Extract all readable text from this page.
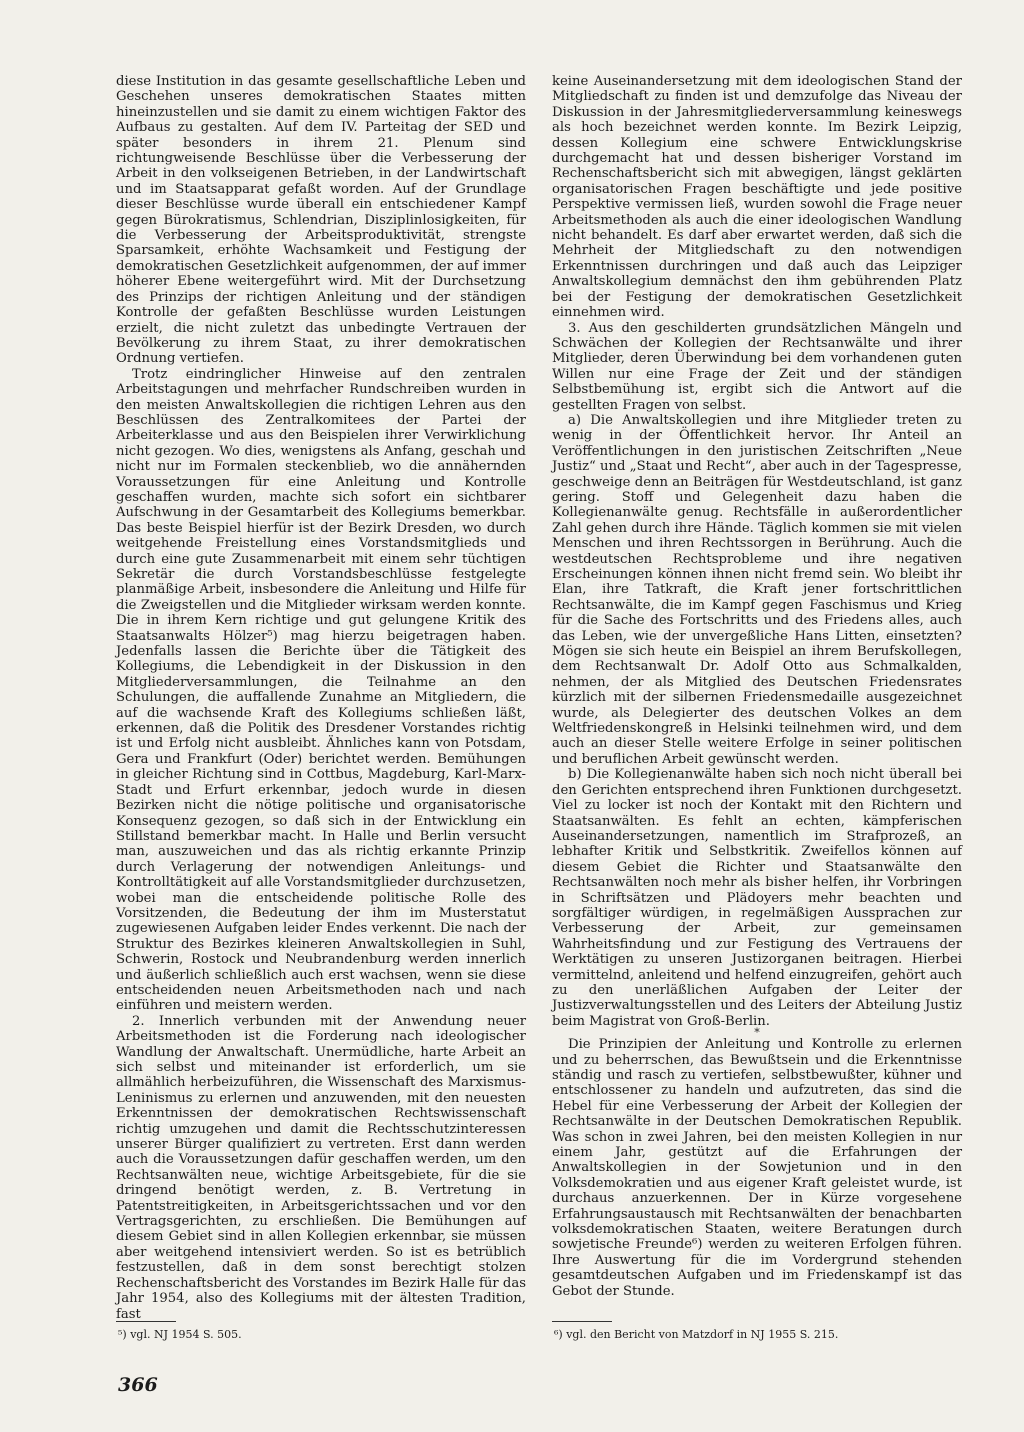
diese Institution in das gesamte gesellschaftliche Leben und Geschehen unseres demokratischen Staates mitten hineinzustellen und sie damit zu einem wichtigen Faktor des Aufbaus zu gestalten. Auf dem IV. Parteitag der SED und später besonders in ihrem 21. Plenum sind richtungweisende Beschlüsse über die Verbesserung der Arbeit in den volkseigenen Betrieben, in der Landwirtschaft und im Staatsapparat gefaßt worden. Auf der Grundlage dieser Beschlüsse wurde überall ein entschiedener Kampf gegen Bürokratismus, Schlendrian, Disziplinlosigkeiten, für die Verbesserung der Arbeitsproduktivität, strengste Sparsamkeit, erhöhte Wachsamkeit und Festigung der demokratischen Gesetzlichkeit aufgenommen, der auf immer höherer Ebene weitergeführt wird. Mit der Durchsetzung des Prinzips der richtigen Anleitung und der ständigen Kontrolle der gefaßten Beschlüsse wurden Leistungen erzielt, die nicht zuletzt das unbedingte Vertrauen der Bevölkerung zu ihrem Staat, zu ihrer demokratischen Ordnung vertiefen.

Trotz eindringlicher Hinweise auf den zentralen Arbeitstagungen und mehrfacher Rundschreiben wurden in den meisten Anwaltskollegien die richtigen Lehren aus den Beschlüssen des Zentralkomitees der Partei der Arbeiterklasse und aus den Beispielen ihrer Verwirklichung nicht gezogen. Wo dies, wenigstens als Anfang, geschah und nicht nur im Formalen steckenblieb, wo die annähernden Voraussetzungen für eine Anleitung und Kontrolle geschaffen wurden, machte sich sofort ein sichtbarer Aufschwung in der Gesamtarbeit des Kollegiums bemerkbar. Das beste Beispiel hierfür ist der Bezirk Dresden, wo durch weitgehende Freistellung eines Vorstandsmitglieds und durch eine gute Zusammenarbeit mit einem sehr tüchtigen Sekretär die durch Vorstandsbeschlüsse festgelegte planmäßige Arbeit, insbesondere die Anleitung und Hilfe für die Zweigstellen und die Mitglieder wirksam werden konnte. Die in ihrem Kern richtige und gut gelungene Kritik des Staatsanwalts Hölzer⁵) mag hierzu beigetragen haben. Jedenfalls lassen die Berichte über die Tätigkeit des Kollegiums, die Lebendigkeit in der Diskussion in den Mitgliederversammlungen, die Teilnahme an den Schulungen, die auffallende Zunahme an Mitgliedern, die auf die wachsende Kraft des Kollegiums schließen läßt, erkennen, daß die Politik des Dresdener Vorstandes richtig ist und Erfolg nicht ausbleibt. Ähnliches kann von Potsdam, Gera und Frankfurt (Oder) berichtet werden. Bemühungen in gleicher Richtung sind in Cottbus, Magdeburg, Karl-Marx-Stadt und Erfurt erkennbar, jedoch wurde in diesen Bezirken nicht die nötige politische und organisatorische Konsequenz gezogen, so daß sich in der Entwicklung ein Stillstand bemerkbar macht. In Halle und Berlin versucht man, auszuweichen und das als richtig erkannte Prinzip durch Verlagerung der notwendigen Anleitungs- und Kontrolltätigkeit auf alle Vorstandsmitglieder durchzusetzen, wobei man die entscheidende politische Rolle des Vorsitzenden, die Bedeutung der ihm im Musterstatut zugewiesenen Aufgaben leider Endes verkennt. Die nach der Struktur des Bezirkes kleineren Anwaltskollegien in Suhl, Schwerin, Rostock und Neubrandenburg werden innerlich und äußerlich schließlich auch erst wachsen, wenn sie diese entscheidenden neuen Arbeitsmethoden nach und nach einführen und meistern werden.

2. Innerlich verbunden mit der Anwendung neuer Arbeitsmethoden ist die Forderung nach ideologischer Wandlung der Anwaltschaft. Unermüdliche, harte Arbeit an sich selbst und miteinander ist erforderlich, um sie allmählich herbeizuführen, die Wissenschaft des Marxismus-Leninismus zu erlernen und anzuwenden, mit den neuesten Erkenntnissen der demokratischen Rechtswissenschaft richtig umzugehen und damit die Rechtsschutzinteressen unserer Bürger qualifiziert zu vertreten. Erst dann werden auch die Voraussetzungen dafür geschaffen werden, um den Rechtsanwälten neue, wichtige Arbeitsgebiete, für die sie dringend benötigt werden, z. B. Vertretung in Patentstreitigkeiten, in Arbeitsgerichtssachen und vor den Vertragsgerichten, zu erschließen. Die Bemühungen auf diesem Gebiet sind in allen Kollegien erkennbar, sie müssen aber weitgehend intensiviert werden. So ist es betrüblich festzustellen, daß in dem sonst berechtigt stolzen Rechenschaftsbericht des Vorstandes im Bezirk Halle für das Jahr 1954, also des Kollegiums mit der ältesten Tradition, fast

keine Auseinandersetzung mit dem ideologischen Stand der Mitgliedschaft zu finden ist und demzufolge das Niveau der Diskussion in der Jahresmitgliederversammlung keineswegs als hoch bezeichnet werden konnte. Im Bezirk Leipzig, dessen Kollegium eine schwere Entwicklungskrise durchgemacht hat und dessen bisheriger Vorstand im Rechenschaftsbericht sich mit abwegigen, längst geklärten organisatorischen Fragen beschäftigte und jede positive Perspektive vermissen ließ, wurden sowohl die Frage neuer Arbeitsmethoden als auch die einer ideologischen Wandlung nicht behandelt. Es darf aber erwartet werden, daß sich die Mehrheit der Mitgliedschaft zu den notwendigen Erkenntnissen durchringen und daß auch das Leipziger Anwaltskollegium demnächst den ihm gebührenden Platz bei der Festigung der demokratischen Gesetzlichkeit einnehmen wird.

3. Aus den geschilderten grundsätzlichen Mängeln und Schwächen der Kollegien der Rechtsanwälte und ihrer Mitglieder, deren Überwindung bei dem vorhandenen guten Willen nur eine Frage der Zeit und der ständigen Selbstbemühung ist, ergibt sich die Antwort auf die gestellten Fragen von selbst.

a) Die Anwaltskollegien und ihre Mitglieder treten zu wenig in der Öffentlichkeit hervor. Ihr Anteil an Veröffentlichungen in den juristischen Zeitschriften „Neue Justiz“ und „Staat und Recht“, aber auch in der Tagespresse, geschweige denn an Beiträgen für Westdeutschland, ist ganz gering. Stoff und Gelegenheit dazu haben die Kollegienanwälte genug. Rechtsfälle in außerordentlicher Zahl gehen durch ihre Hände. Täglich kommen sie mit vielen Menschen und ihren Rechtssorgen in Berührung. Auch die westdeutschen Rechtsprobleme und ihre negativen Erscheinungen können ihnen nicht fremd sein. Wo bleibt ihr Elan, ihre Tatkraft, die Kraft jener fortschrittlichen Rechtsanwälte, die im Kampf gegen Faschismus und Krieg für die Sache des Fortschritts und des Friedens alles, auch das Leben, wie der unvergeßliche Hans Litten, einsetzten? Mögen sie sich heute ein Beispiel an ihrem Berufskollegen, dem Rechtsanwalt Dr. Adolf Otto aus Schmalkalden, nehmen, der als Mitglied des Deutschen Friedensrates kürzlich mit der silbernen Friedensmedaille ausgezeichnet wurde, als Delegierter des deutschen Volkes an dem Weltfriedenskongreß in Helsinki teilnehmen wird, und dem auch an dieser Stelle weitere Erfolge in seiner politischen und beruflichen Arbeit gewünscht werden.

b) Die Kollegienanwälte haben sich noch nicht überall bei den Gerichten entsprechend ihren Funktionen durchgesetzt. Viel zu locker ist noch der Kontakt mit den Richtern und Staatsanwälten. Es fehlt an echten, kämpferischen Auseinandersetzungen, namentlich im Strafprozeß, an lebhafter Kritik und Selbstkritik. Zweifellos können auf diesem Gebiet die Richter und Staatsanwälte den Rechtsanwälten noch mehr als bisher helfen, ihr Vorbringen in Schriftsätzen und Plädoyers mehr beachten und sorgfältiger würdigen, in regelmäßigen Aussprachen zur Verbesserung der Arbeit, zur gemeinsamen Wahrheitsfindung und zur Festigung des Vertrauens der Werktätigen zu unseren Justizorganen beitragen. Hierbei vermittelnd, anleitend und helfend einzugreifen, gehört auch zu den unerläßlichen Aufgaben der Leiter der Justizverwaltungsstellen und des Leiters der Abteilung Justiz beim Magistrat von Groß-Berlin.

*

Die Prinzipien der Anleitung und Kontrolle zu erlernen und zu beherrschen, das Bewußtsein und die Erkenntnisse ständig und rasch zu vertiefen, selbstbewußter, kühner und entschlossener zu handeln und aufzutreten, das sind die Hebel für eine Verbesserung der Arbeit der Kollegien der Rechtsanwälte in der Deutschen Demokratischen Republik. Was schon in zwei Jahren, bei den meisten Kollegien in nur einem Jahr, gestützt auf die Erfahrungen der Anwaltskollegien in der Sowjetunion und in den Volksdemokratien und aus eigener Kraft geleistet wurde, ist durchaus anzuerkennen. Der in Kürze vorgesehene Erfahrungsaustausch mit Rechtsanwälten der benachbarten volksdemokratischen Staaten, weitere Beratungen durch sowjetische Freunde⁶) werden zu weiteren Erfolgen führen. Ihre Auswertung für die im Vordergrund stehenden gesamtdeutschen Aufgaben und im Friedenskampf ist das Gebot der Stunde.

⁵) vgl. NJ 1954 S. 505.	⁶) vgl. den Bericht von Matzdorf in NJ 1955 S. 215.
366
